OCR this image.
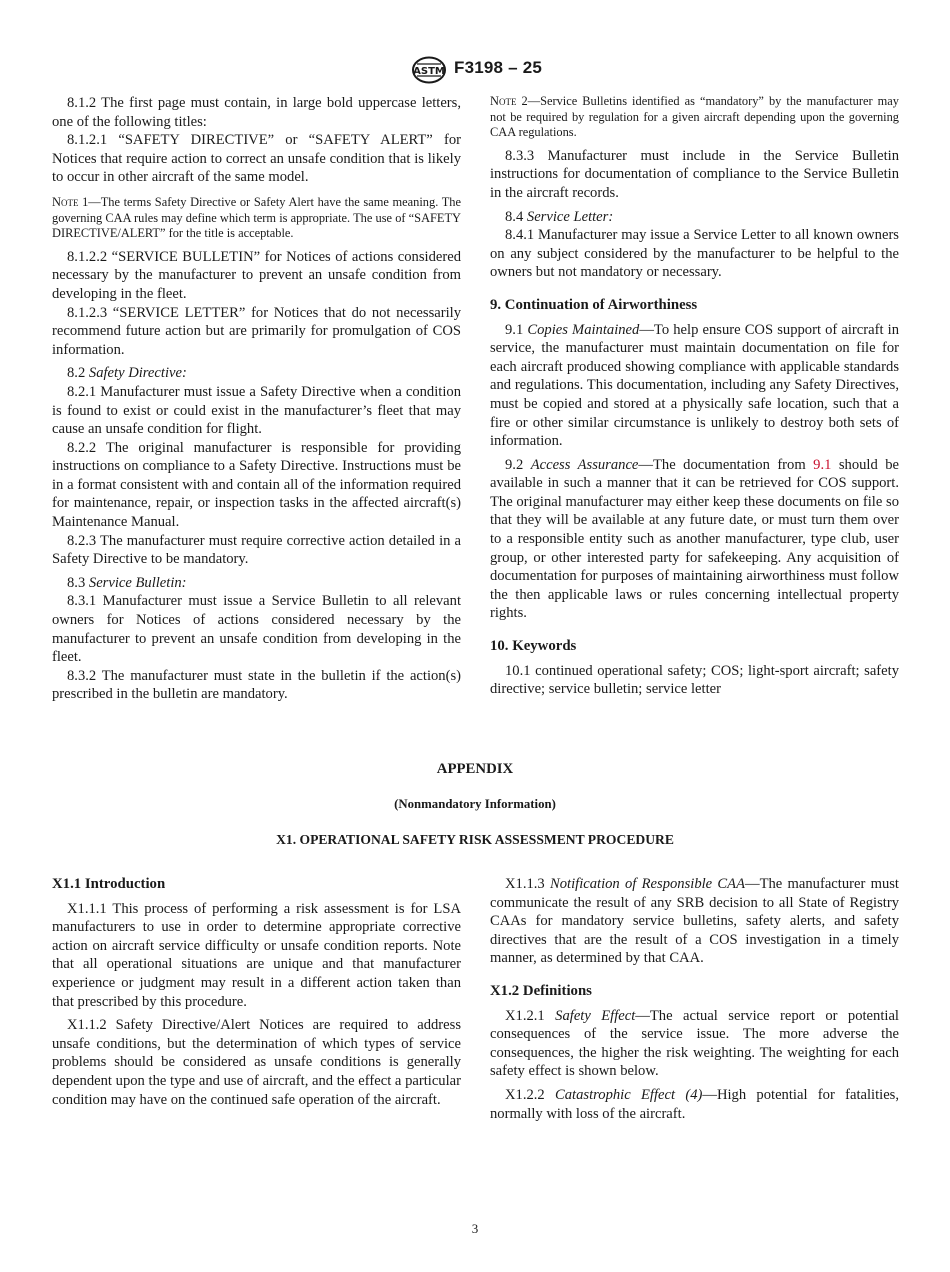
ASTM F3198 – 25

8.1.2 The first page must contain, in large bold uppercase letters, one of the following titles:

8.1.2.1 “SAFETY DIRECTIVE” or “SAFETY ALERT” for Notices that require action to correct an unsafe condition that is likely to occur in other aircraft of the same model.

Note 1—The terms Safety Directive or Safety Alert have the same meaning. The governing CAA rules may define which term is appropriate. The use of “SAFETY DIRECTIVE/ALERT” for the title is acceptable.

8.1.2.2 “SERVICE BULLETIN” for Notices of actions considered necessary by the manufacturer to prevent an unsafe condition from developing in the fleet.

8.1.2.3 “SERVICE LETTER” for Notices that do not necessarily recommend future action but are primarily for promulgation of COS information.

8.2 Safety Directive:

8.2.1 Manufacturer must issue a Safety Directive when a condition is found to exist or could exist in the manufacturer’s fleet that may cause an unsafe condition for flight.

8.2.2 The original manufacturer is responsible for providing instructions on compliance to a Safety Directive. Instructions must be in a format consistent with and contain all of the information required for maintenance, repair, or inspection tasks in the affected aircraft(s) Maintenance Manual.

8.2.3 The manufacturer must require corrective action detailed in a Safety Directive to be mandatory.

8.3 Service Bulletin:

8.3.1 Manufacturer must issue a Service Bulletin to all relevant owners for Notices of actions considered necessary by the manufacturer to prevent an unsafe condition from developing in the fleet.

8.3.2 The manufacturer must state in the bulletin if the action(s) prescribed in the bulletin are mandatory.

Note 2—Service Bulletins identified as “mandatory” by the manufacturer may not be required by regulation for a given aircraft depending upon the governing CAA regulations.

8.3.3 Manufacturer must include in the Service Bulletin instructions for documentation of compliance to the Service Bulletin in the aircraft records.

8.4 Service Letter:

8.4.1 Manufacturer may issue a Service Letter to all known owners on any subject considered by the manufacturer to be helpful to the owners but not mandatory or necessary.

9. Continuation of Airworthiness

9.1 Copies Maintained—To help ensure COS support of aircraft in service, the manufacturer must maintain documentation on file for each aircraft produced showing compliance with applicable standards and regulations. This documentation, including any Safety Directives, must be copied and stored at a physically safe location, such that a fire or other similar circumstance is unlikely to destroy both sets of information.

9.2 Access Assurance—The documentation from 9.1 should be available in such a manner that it can be retrieved for COS support. The original manufacturer may either keep these documents on file so that they will be available at any future date, or must turn them over to a responsible entity such as another manufacturer, type club, user group, or other interested party for safekeeping. Any acquisition of documentation for purposes of maintaining airworthiness must follow the then applicable laws or rules concerning intellectual property rights.

10. Keywords

10.1 continued operational safety; COS; light-sport aircraft; safety directive; service bulletin; service letter

APPENDIX
(Nonmandatory Information)
X1. OPERATIONAL SAFETY RISK ASSESSMENT PROCEDURE

X1.1 Introduction

X1.1.1 This process of performing a risk assessment is for LSA manufacturers to use in order to determine appropriate corrective action on aircraft service difficulty or unsafe condition reports. Note that all operational situations are unique and that manufacturer experience or judgment may result in a different action taken than that prescribed by this procedure.

X1.1.2 Safety Directive/Alert Notices are required to address unsafe conditions, but the determination of which types of service problems should be considered as unsafe conditions is generally dependent upon the type and use of aircraft, and the effect a particular condition may have on the continued safe operation of the aircraft.

X1.1.3 Notification of Responsible CAA—The manufacturer must communicate the result of any SRB decision to all State of Registry CAAs for mandatory service bulletins, safety alerts, and safety directives that are the result of a COS investigation in a timely manner, as determined by that CAA.

X1.2 Definitions

X1.2.1 Safety Effect—The actual service report or potential consequences of the service issue. The more adverse the consequences, the higher the risk weighting. The weighting for each safety effect is shown below.

X1.2.2 Catastrophic Effect (4)—High potential for fatalities, normally with loss of the aircraft.

3
